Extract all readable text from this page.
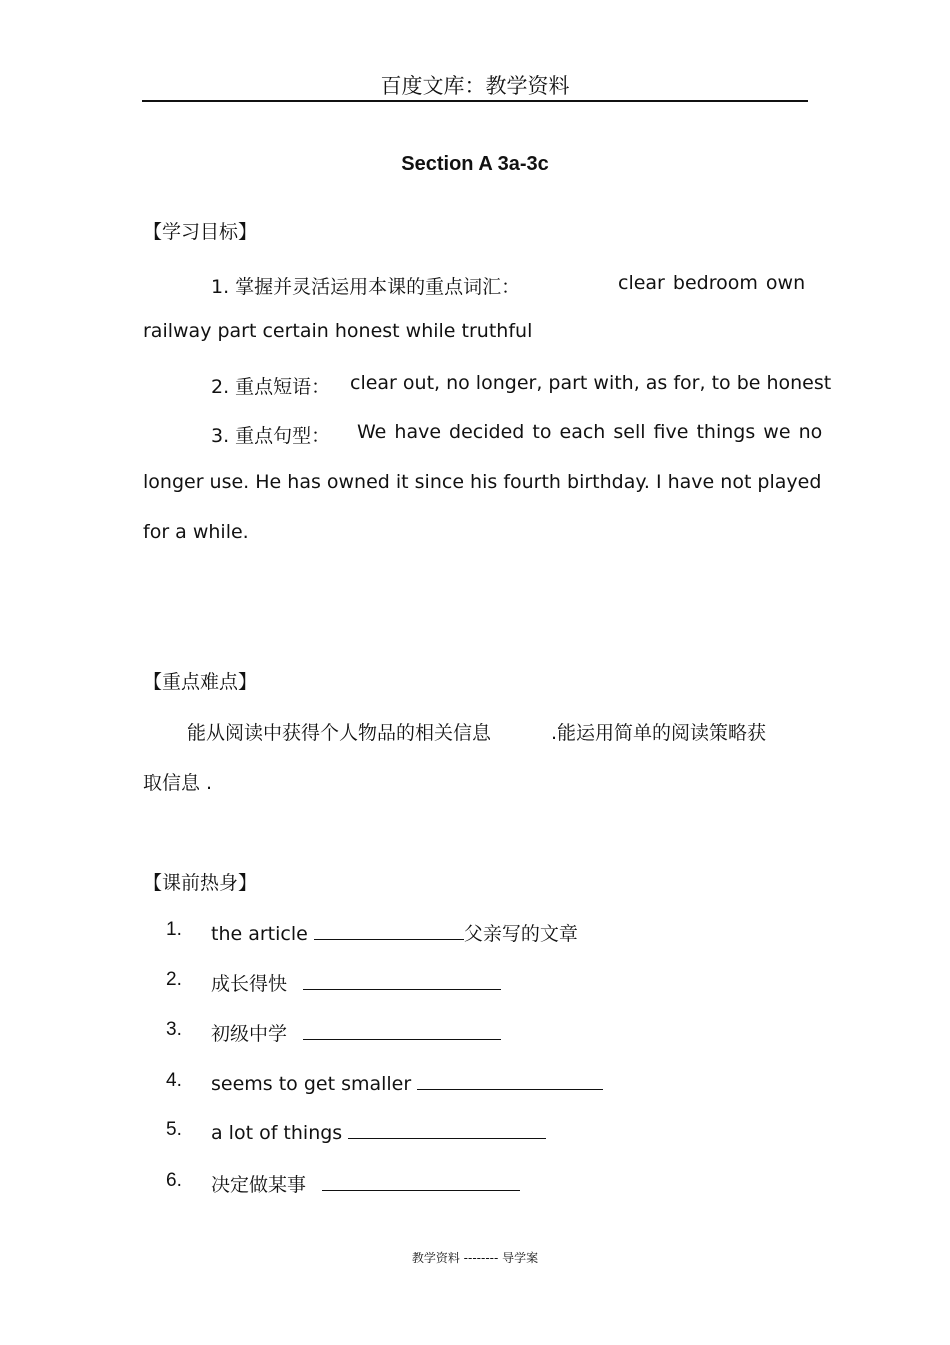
百度文库：教学资料
Section A 3a-3c
【学习目标】
1. 掌握并灵活运用本课的重点词汇：	clear bedroom own
railway part certain honest while truthful
2. 重点短语： clear out, no longer, part with, as for, to be honest
3. 重点句型： We have decided to each sell five things we no
longer use. He has owned it since his fourth birthday. I have not played
for a while.
【重点难点】
能从阅读中获得个人物品的相关信息	.能运用简单的阅读策略获
取信息 .
【课前热身】
1. the article	父亲写的文章
2. 成长得快
3. 初级中学
4. seems to get smaller
5. a lot of things
6. 决定做某事
教学资料 -------- 导学案
